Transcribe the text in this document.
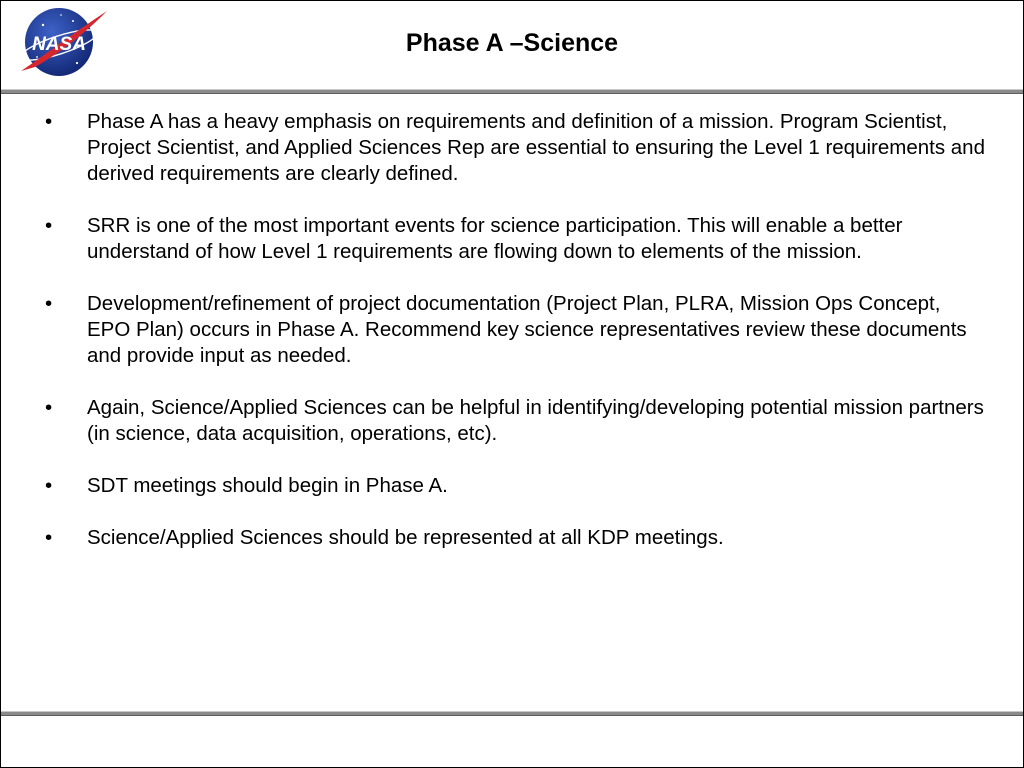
NASA	Phase A –Science
•	Phase A has a heavy emphasis on requirements and definition of a mission. Program Scientist, Project Scientist, and Applied Sciences Rep are essential to ensuring the Level 1 requirements and derived requirements are clearly defined.
•	SRR is one of the most important events for science participation. This will enable a better understand of how Level 1 requirements are flowing down to elements of the mission.
•	Development/refinement of project documentation (Project Plan, PLRA, Mission Ops Concept, EPO Plan) occurs in Phase A. Recommend key science representatives review these documents and provide input as needed.
•	Again, Science/Applied Sciences can be helpful in identifying/developing potential mission partners (in science, data acquisition, operations, etc).
•	SDT meetings should begin in Phase A.
•	Science/Applied Sciences should be represented at all KDP meetings.
